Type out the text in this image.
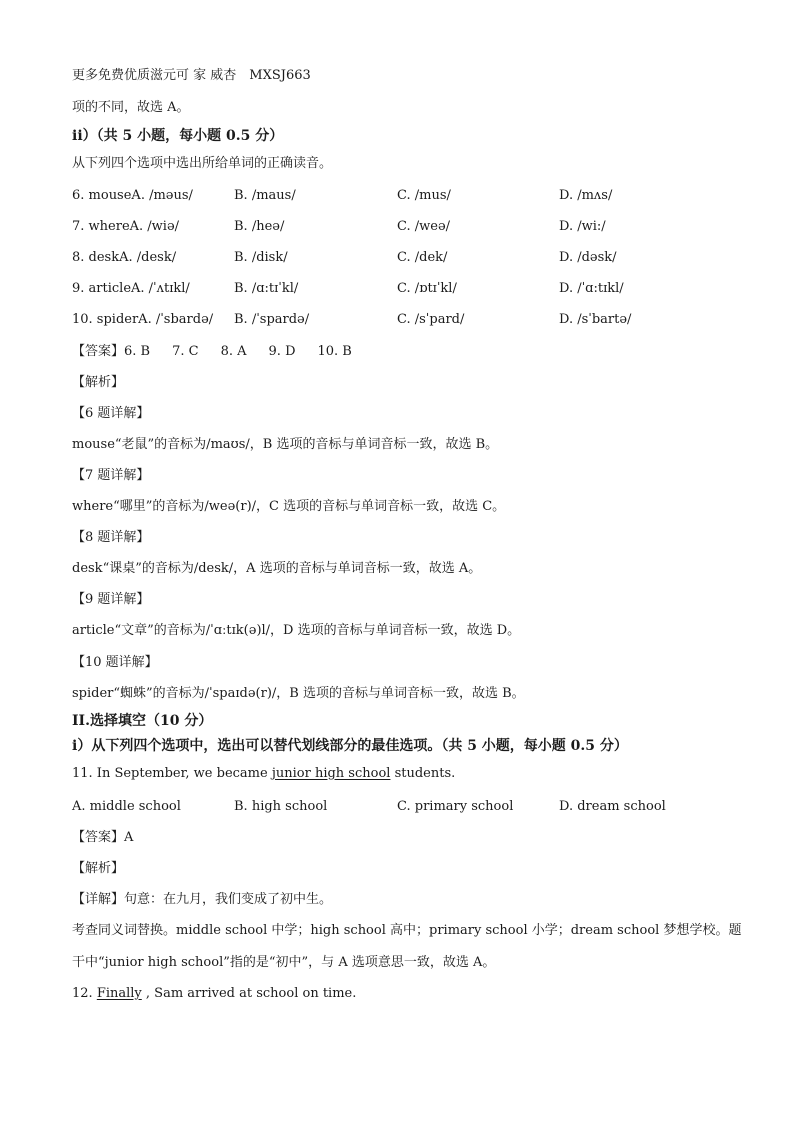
更多免费优质滋元可 家 威杏　MXSJ663
项的不同，故选 A。
ii）（共 5 小题，每小题 0.5 分）
从下列四个选项中选出所给单词的正确读音。
6. mouseA. /məus/	B. /maus/	C. /mus/	D. /mʌs/
7. whereA. /wiə/	B. /heə/	C. /weə/	D. /wi:/
8. deskA. /desk/	B. /disk/	C. /dek/	D. /dəsk/
9. articleA. /ˈʌtɪkl/	B. /ɑ:tɪˈkl/	C. /ɒtɪˈkl/	D. /ˈɑ:tɪkl/
10. spiderA. /ˈsbardə/ B. /ˈspardə/	C. /sˈpard/	D. /sˈbartə/
【答案】6. B 7. C 8. A 9. D 10. B
【解析】
【6 题详解】
mouse“老鼠”的音标为/maʊs/，B 选项的音标与单词音标一致，故选 B。
【7 题详解】
where“哪里”的音标为/weə(r)/，C 选项的音标与单词音标一致，故选 C。
【8 题详解】
desk“课桌”的音标为/desk/，A 选项的音标与单词音标一致，故选 A。
【9 题详解】
article“文章”的音标为/ˈɑːtɪk(ə)l/，D 选项的音标与单词音标一致，故选 D。
【10 题详解】
spider“蜘蛛”的音标为/ˈspaɪdə(r)/，B 选项的音标与单词音标一致，故选 B。
II.选择填空（10 分）
i）从下列四个选项中，选出可以替代划线部分的最佳选项。（共 5 小题，每小题 0.5 分）
11. In September, we became junior high school students.
A. middle school	B. high school	C. primary school	D. dream school
【答案】A
【解析】
【详解】句意：在九月，我们变成了初中生。
考查同义词替换。middle school 中学；high school 高中；primary school 小学；dream school 梦想学校。题
干中“junior high school”指的是“初中”，与 A 选项意思一致，故选 A。
12. Finally , Sam arrived at school on time.
